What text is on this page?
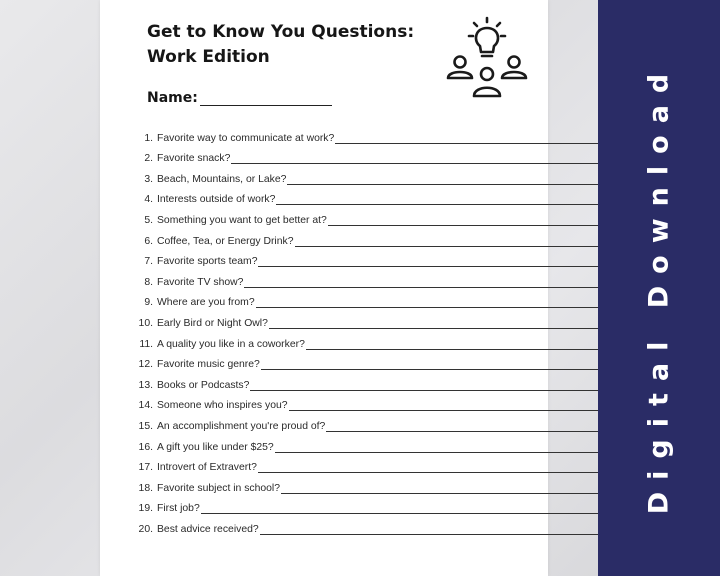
Get to Know You Questions:
Work Edition
Name:
1. Favorite way to communicate at work?
2. Favorite snack?
3. Beach, Mountains, or Lake?
4. Interests outside of work?
5. Something you want to get better at?
6. Coffee, Tea, or Energy Drink?
7. Favorite sports team?
8. Favorite TV show?
9. Where are you from?
10. Early Bird or Night Owl?
11. A quality you like in a coworker?
12. Favorite music genre?
13. Books or Podcasts?
14. Someone who inspires you?
15. An accomplishment you're proud of?
16. A gift you like under $25?
17. Introvert of Extravert?
18. Favorite subject in school?
19. First job?
20. Best advice received?
Digital Download
